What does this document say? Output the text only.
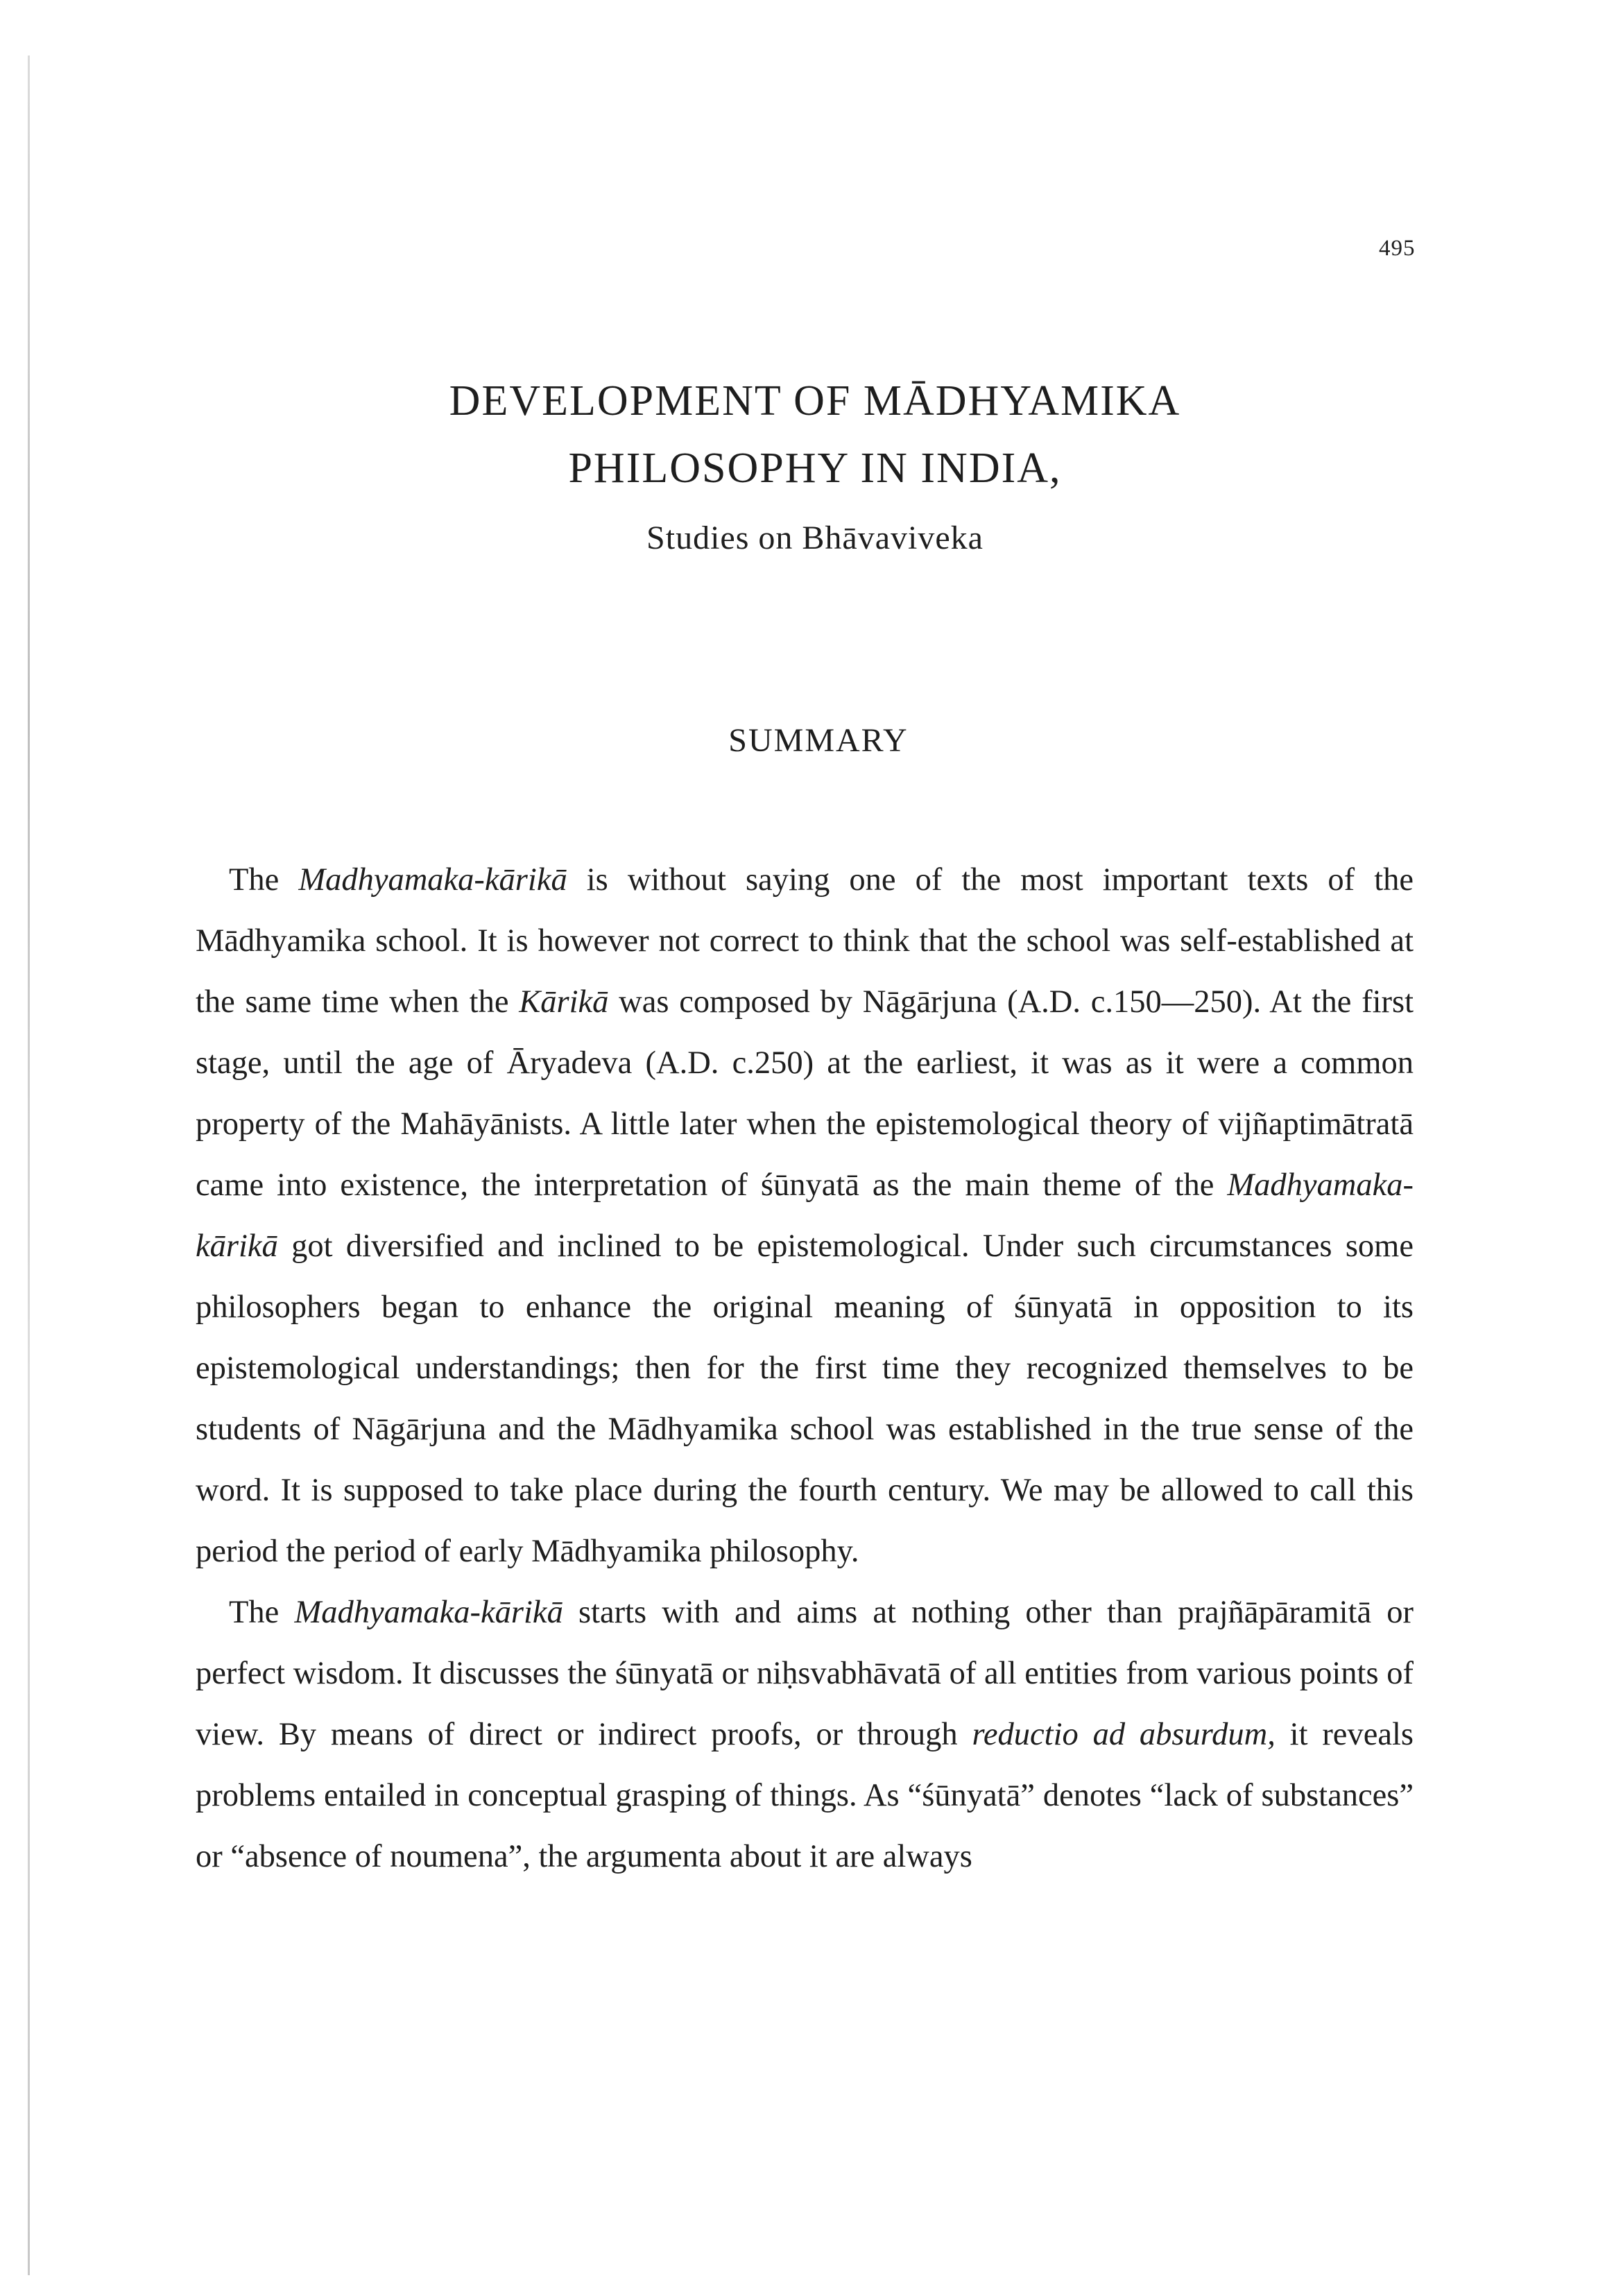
495
DEVELOPMENT OF MĀDHYAMIKA
PHILOSOPHY IN INDIA,
Studies on Bhāvaviveka
SUMMARY

The Madhyamaka-kārikā is without saying one of the most important texts of the Mādhyamika school. It is however not correct to think that the school was self-established at the same time when the Kārikā was composed by Nāgārjuna (A.D. c.150—250). At the first stage, until the age of Āryadeva (A.D. c.250) at the earliest, it was as it were a common property of the Mahāyānists. A little later when the epistemological theory of vijñaptimātratā came into existence, the interpretation of śūnyatā as the main theme of the Madhyamaka-kārikā got diversified and inclined to be epistemological. Under such circumstances some philosophers began to enhance the original meaning of śūnyatā in opposition to its epistemological understandings; then for the first time they recognized themselves to be students of Nāgārjuna and the Mādhyamika school was established in the true sense of the word. It is supposed to take place during the fourth century. We may be allowed to call this period the period of early Mādhyamika philosophy.

The Madhyamaka-kārikā starts with and aims at nothing other than prajñāpāramitā or perfect wisdom. It discusses the śūnyatā or niḥsvabhāvatā of all entities from various points of view. By means of direct or indirect proofs, or through reductio ad absurdum, it reveals problems entailed in conceptual grasping of things. As “śūnyatā” denotes “lack of substances” or “absence of noumena”, the argumenta about it are always
